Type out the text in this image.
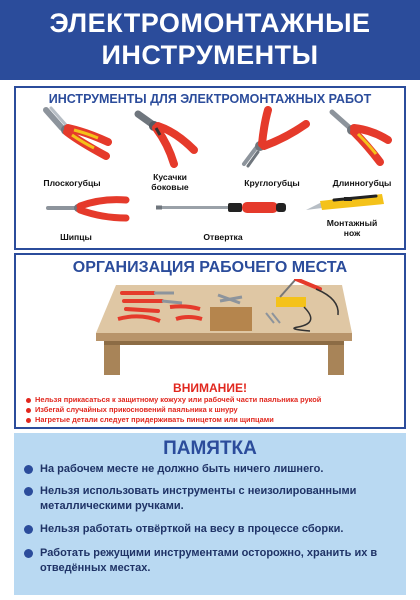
ЭЛЕКТРОМОНТАЖНЫЕ
ИНСТРУМЕНТЫ
ИНСТРУМЕНТЫ ДЛЯ ЭЛЕКТРОМОНТАЖНЫХ РАБОТ
Плоскогубцы
Кусачки
боковые	Круглогубцы	Длинногубцы
Шипцы	Отвертка
Монтажный
нож
ОРГАНИЗАЦИЯ РАБОЧЕГО МЕСТА
ВНИМАНИЕ!
Нельзя прикасаться к защитному кожуху или рабочей части паяльника рукой
Избегай случайных прикосновений паяльника к шнуру
Нагретые детали следует придерживать пинцетом или щипцами
ПАМЯТКА
На рабочем месте не должно быть ничего лишнего.
Нельзя использовать инструменты с неизолированными металлическими ручками.
Нельзя работать отвёрткой на весу в процессе сборки.
Работать режущими инструментами осторожно, хранить их в отведённых местах.
